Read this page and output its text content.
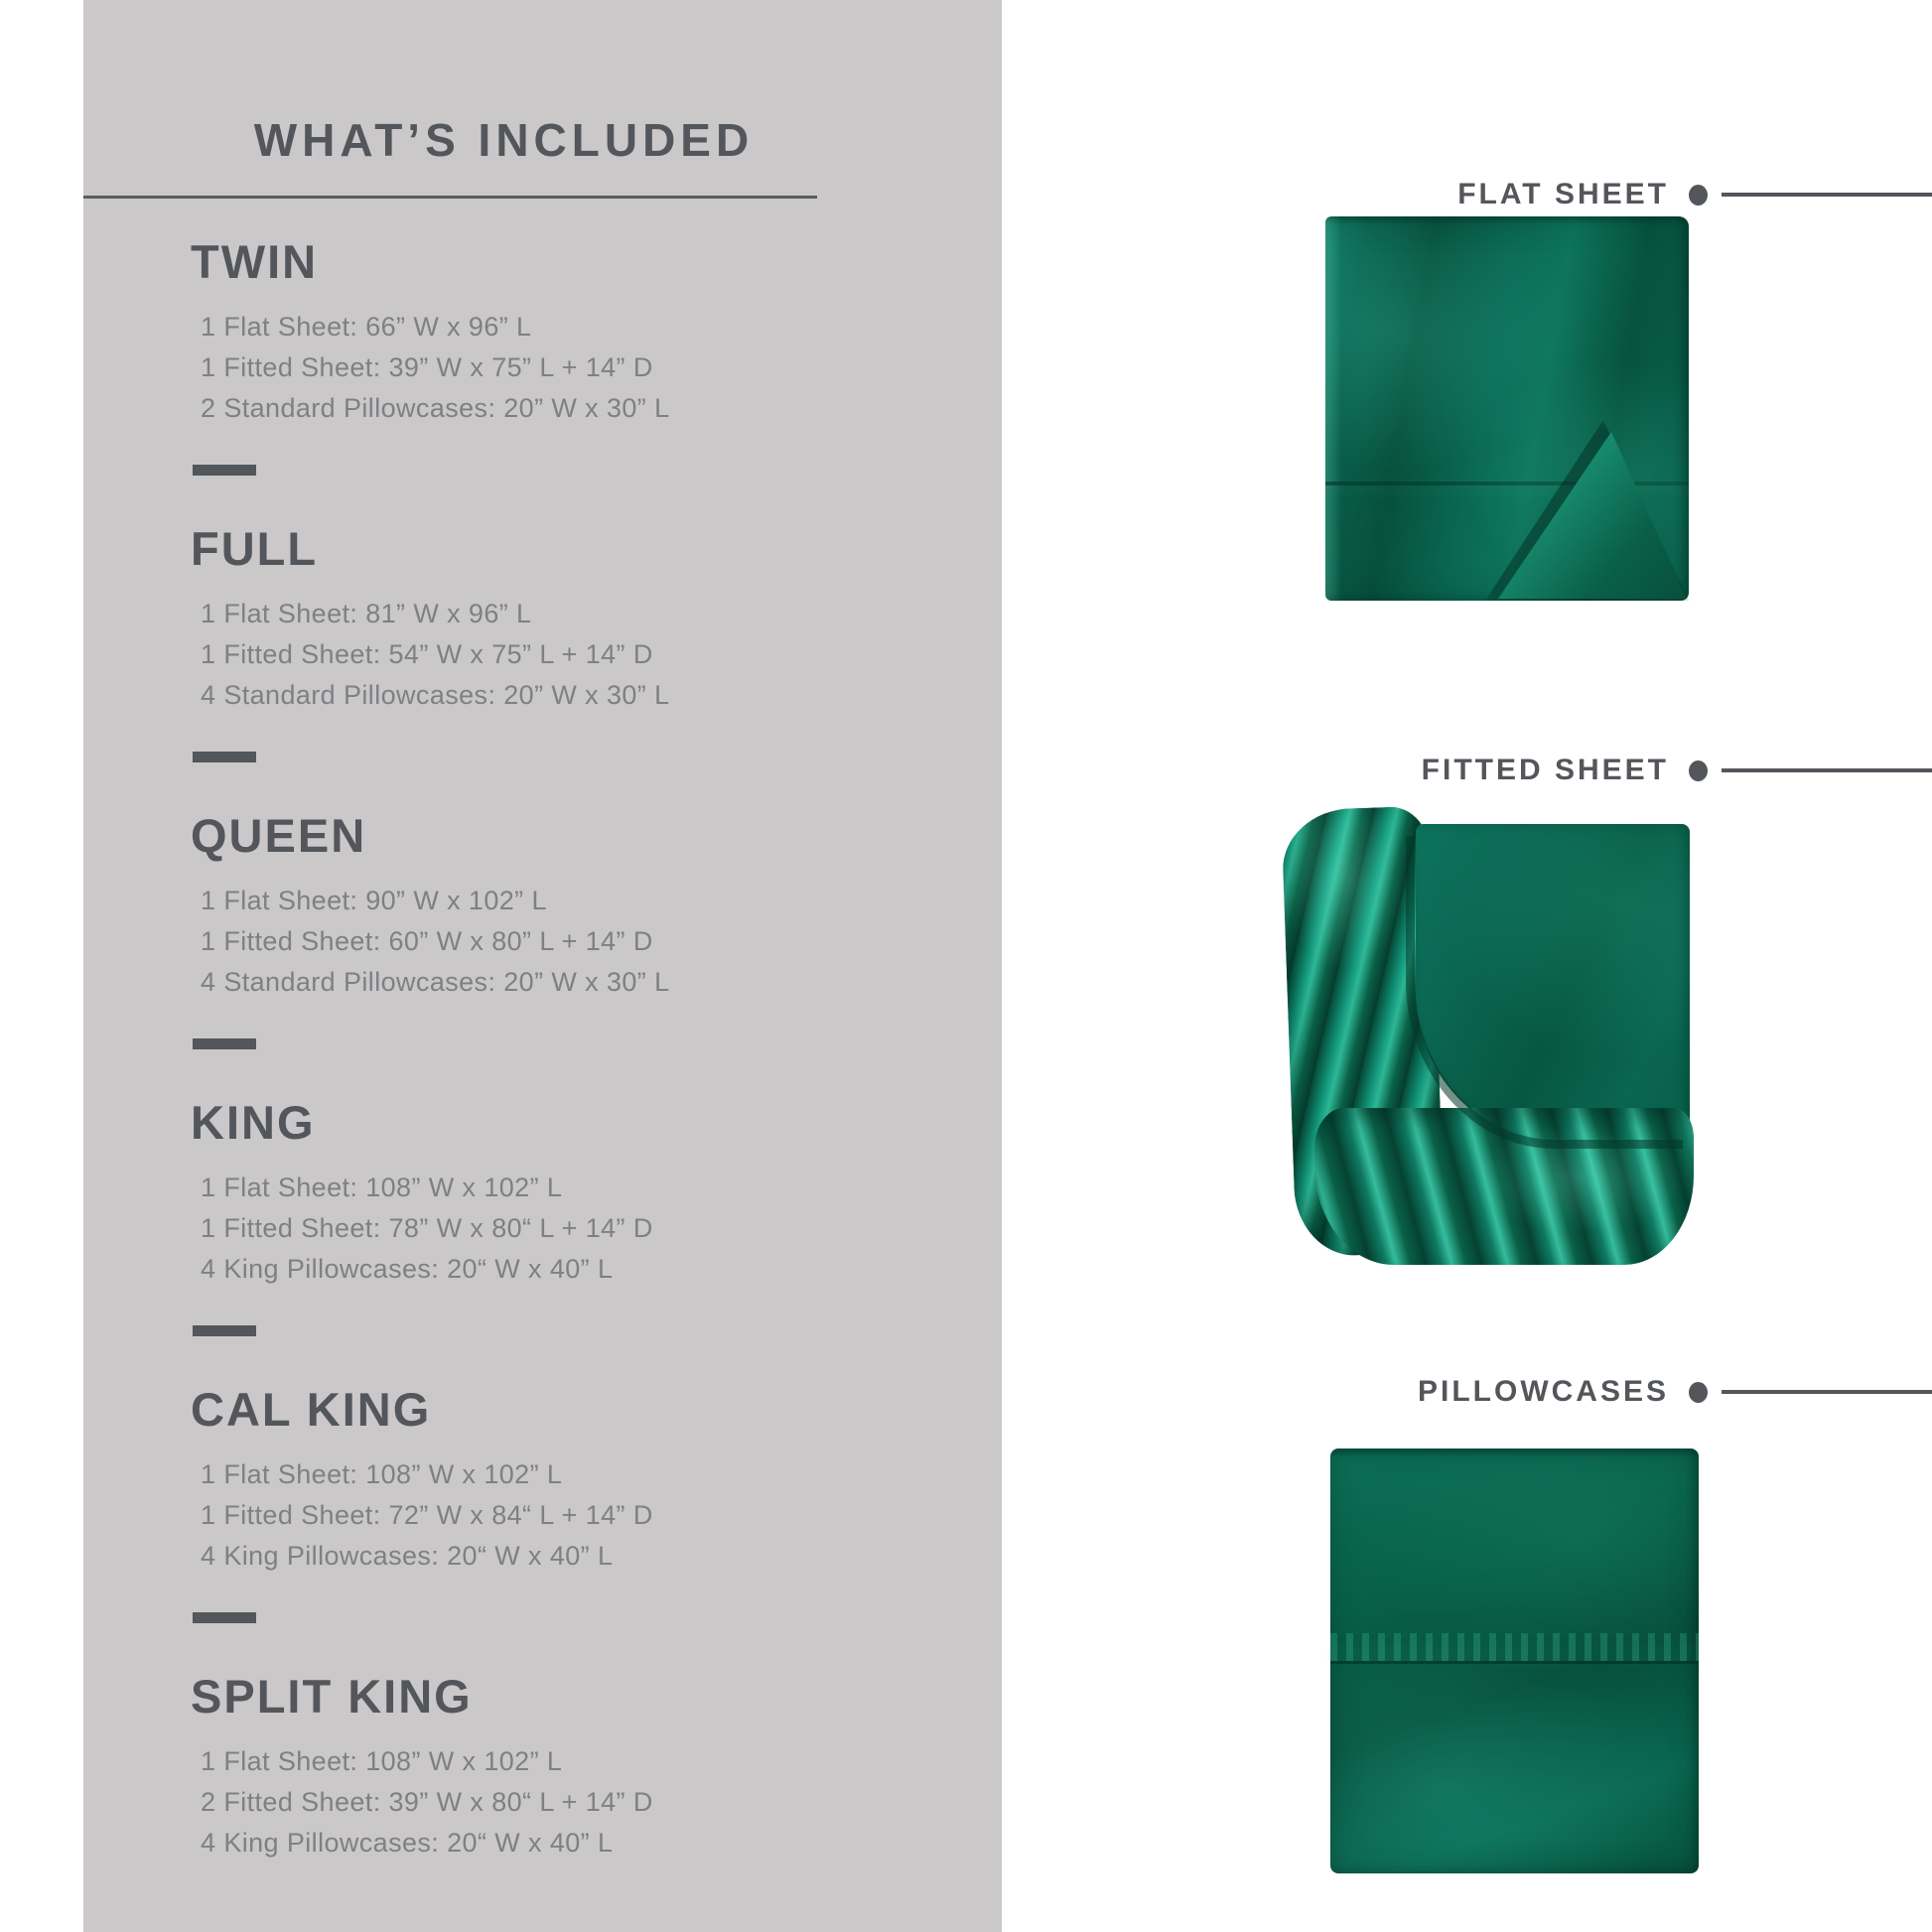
WHAT’S INCLUDED
TWIN
1 Flat Sheet: 66” W x 96” L
1 Fitted Sheet: 39” W x 75” L + 14” D
2 Standard Pillowcases: 20” W x 30” L
FULL
1 Flat Sheet: 81” W x 96” L
1 Fitted Sheet: 54” W x 75” L + 14” D
4 Standard Pillowcases: 20” W x 30” L
QUEEN
1 Flat Sheet: 90” W x 102” L
1 Fitted Sheet: 60” W x 80” L + 14” D
4 Standard Pillowcases: 20” W x 30” L
KING
1 Flat Sheet: 108” W x 102” L
1 Fitted Sheet: 78” W x 80“ L + 14” D
4 King Pillowcases: 20“ W x 40” L
CAL KING
1 Flat Sheet: 108” W x 102” L
1 Fitted Sheet: 72” W x 84“ L + 14” D
4 King Pillowcases: 20“ W x 40” L
SPLIT KING
1 Flat Sheet: 108” W x 102” L
2 Fitted Sheet: 39” W x 80“ L + 14” D
4 King Pillowcases: 20“ W x 40” L
FLAT SHEET
FITTED SHEET
PILLOWCASES
